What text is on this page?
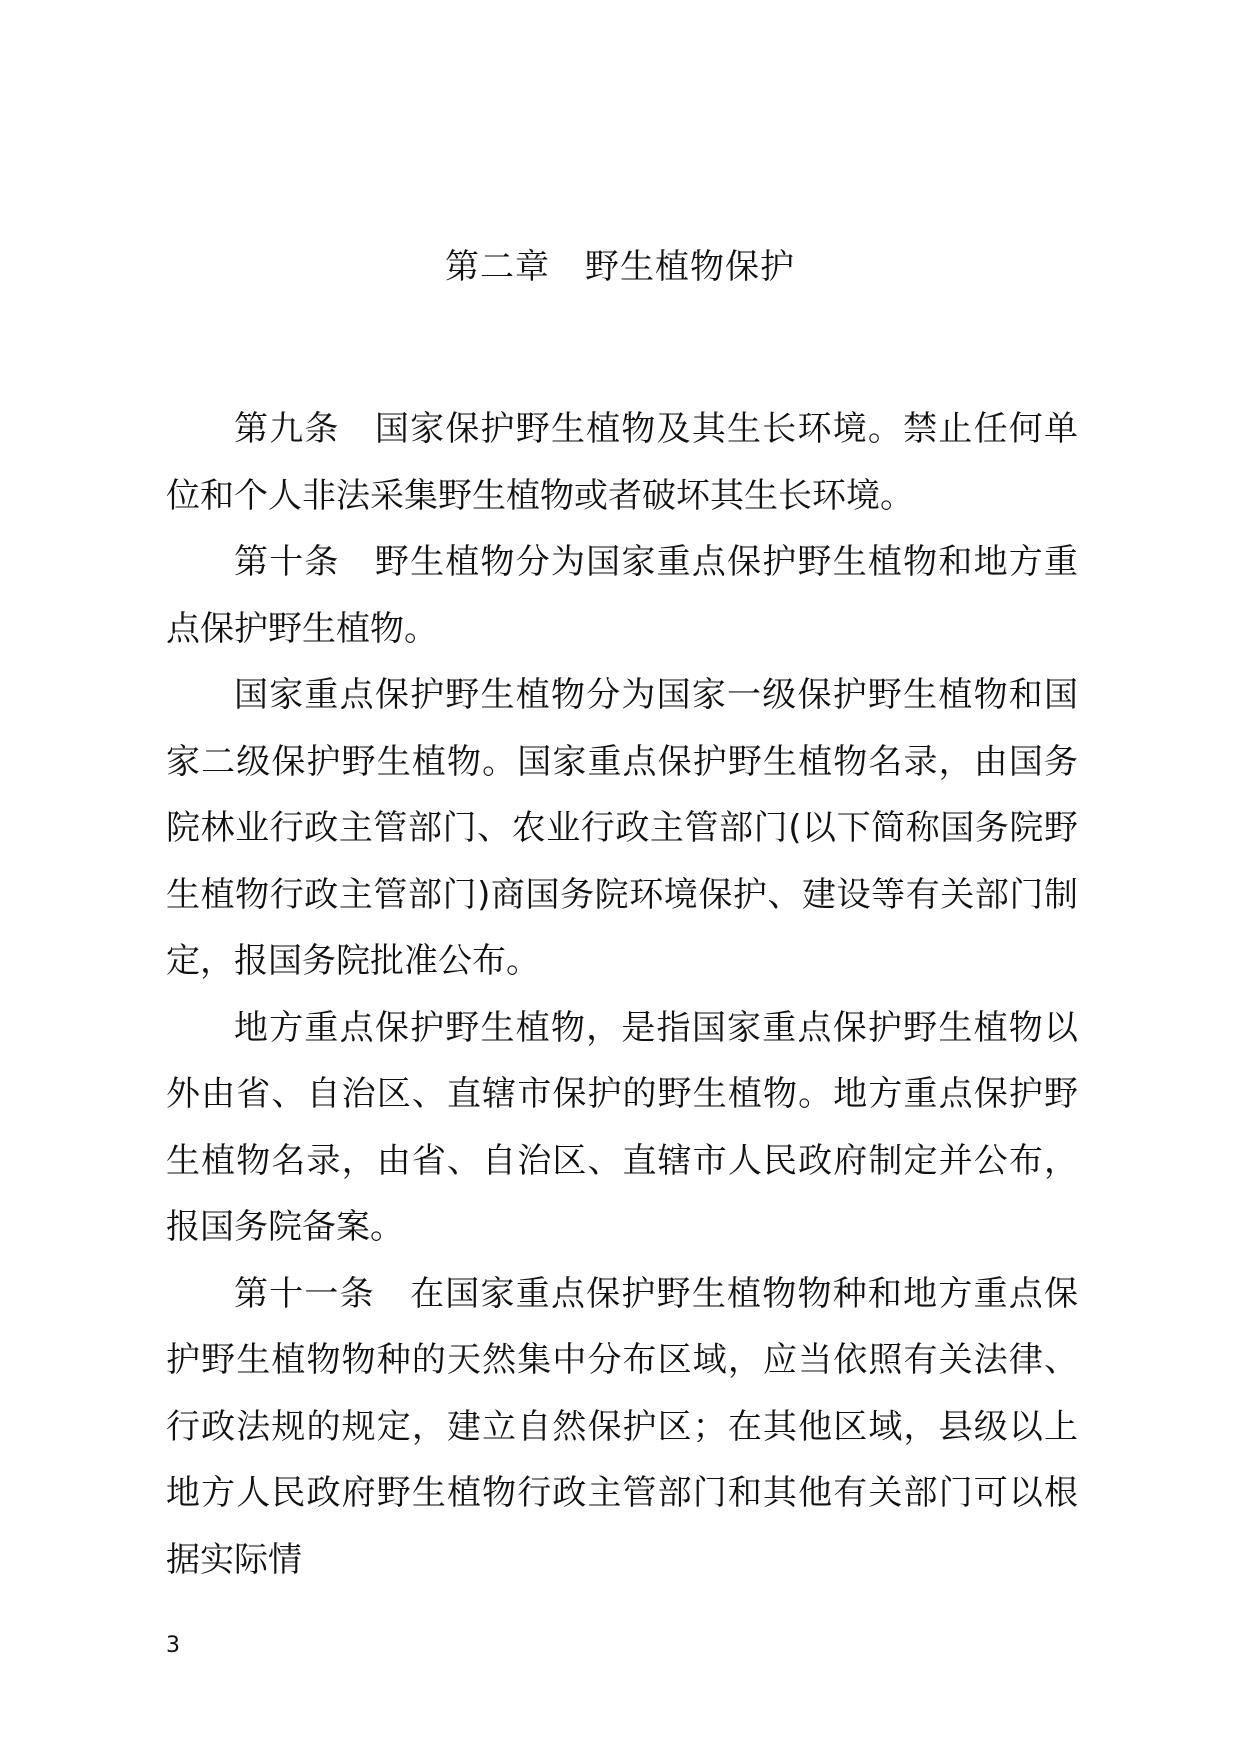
第二章　野生植物保护

第九条　国家保护野生植物及其生长环境。禁止任何单位和个人非法采集野生植物或者破坏其生长环境。

第十条　野生植物分为国家重点保护野生植物和地方重点保护野生植物。

国家重点保护野生植物分为国家一级保护野生植物和国家二级保护野生植物。国家重点保护野生植物名录，由国务院林业行政主管部门、农业行政主管部门(以下简称国务院野生植物行政主管部门)商国务院环境保护、建设等有关部门制定，报国务院批准公布。

地方重点保护野生植物，是指国家重点保护野生植物以外由省、自治区、直辖市保护的野生植物。地方重点保护野生植物名录，由省、自治区、直辖市人民政府制定并公布，报国务院备案。

第十一条　在国家重点保护野生植物物种和地方重点保护野生植物物种的天然集中分布区域，应当依照有关法律、行政法规的规定，建立自然保护区；在其他区域，县级以上地方人民政府野生植物行政主管部门和其他有关部门可以根据实际情

3
